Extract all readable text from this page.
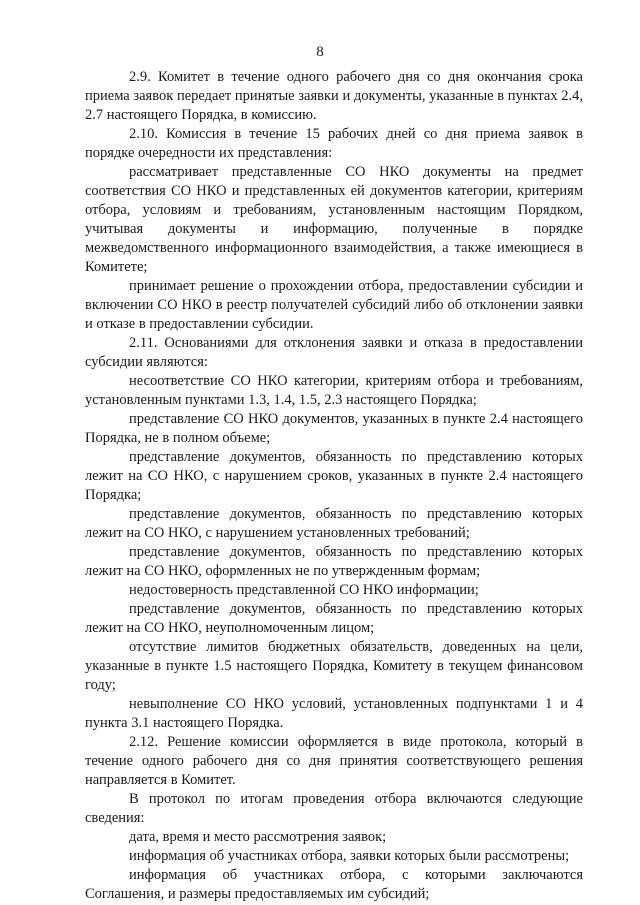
8

2.9. Комитет в течение одного рабочего дня со дня окончания срока приема заявок передает принятые заявки и документы, указанные в пунктах 2.4, 2.7 настоящего Порядка, в комиссию.

2.10. Комиссия в течение 15 рабочих дней со дня приема заявок в порядке очередности их представления:

рассматривает представленные СО НКО документы на предмет соответствия СО НКО и представленных ей документов категории, критериям отбора, условиям и требованиям, установленным настоящим Порядком, учитывая документы и информацию, полученные в порядке межведомственного информационного взаимодействия, а также имеющиеся в Комитете;

принимает решение о прохождении отбора, предоставлении субсидии и включении СО НКО в реестр получателей субсидий либо об отклонении заявки и отказе в предоставлении субсидии.

2.11. Основаниями для отклонения заявки и отказа в предоставлении субсидии являются:

несоответствие СО НКО категории, критериям отбора и требованиям, установленным пунктами 1.3, 1.4, 1.5, 2.3 настоящего Порядка;

представление СО НКО документов, указанных в пункте 2.4 настоящего Порядка, не в полном объеме;

представление документов, обязанность по представлению которых лежит на СО НКО, с нарушением сроков, указанных в пункте 2.4 настоящего Порядка;

представление документов, обязанность по представлению которых лежит на СО НКО, с нарушением установленных требований;

представление документов, обязанность по представлению которых лежит на СО НКО, оформленных не по утвержденным формам;

недостоверность представленной СО НКО информации;

представление документов, обязанность по представлению которых лежит на СО НКО, неуполномоченным лицом;

отсутствие лимитов бюджетных обязательств, доведенных на цели, указанные в пункте 1.5 настоящего Порядка, Комитету в текущем финансовом году;

невыполнение СО НКО условий, установленных подпунктами 1 и 4 пункта 3.1 настоящего Порядка.

2.12. Решение комиссии оформляется в виде протокола, который в течение одного рабочего дня со дня принятия соответствующего решения направляется в Комитет.

В протокол по итогам проведения отбора включаются следующие сведения:

дата, время и место рассмотрения заявок;

информация об участниках отбора, заявки которых были рассмотрены;

информация об участниках отбора, с которыми заключаются Соглашения, и размеры предоставляемых им субсидий;
